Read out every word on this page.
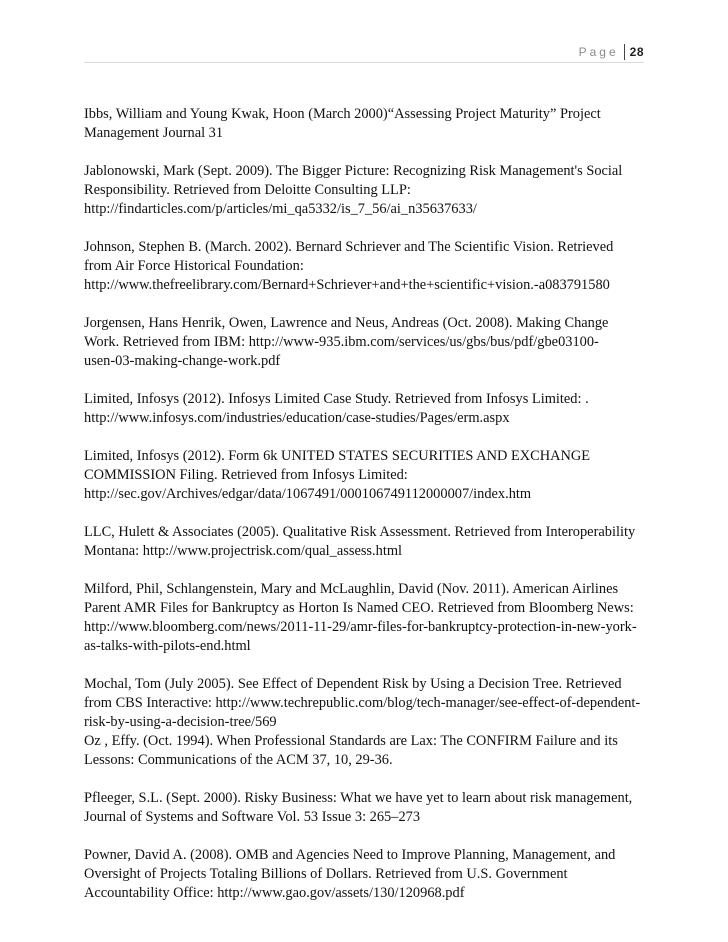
Page 28
Ibbs, William and Young Kwak, Hoon (March 2000)“Assessing Project Maturity” Project
Management Journal 31
Jablonowski, Mark (Sept. 2009). The Bigger Picture: Recognizing Risk Management's Social
Responsibility. Retrieved from Deloitte Consulting LLP:
http://findarticles.com/p/articles/mi_qa5332/is_7_56/ai_n35637633/
Johnson, Stephen B. (March. 2002). Bernard Schriever and The Scientific Vision. Retrieved
from Air Force Historical Foundation:
http://www.thefreelibrary.com/Bernard+Schriever+and+the+scientific+vision.-a083791580
Jorgensen, Hans Henrik, Owen, Lawrence and Neus, Andreas (Oct. 2008). Making Change
Work. Retrieved from IBM: http://www-935.ibm.com/services/us/gbs/bus/pdf/gbe03100-
usen-03-making-change-work.pdf
Limited, Infosys (2012). Infosys Limited Case Study. Retrieved from Infosys Limited: .
http://www.infosys.com/industries/education/case-studies/Pages/erm.aspx
Limited, Infosys (2012). Form 6k UNITED STATES SECURITIES AND EXCHANGE
COMMISSION Filing. Retrieved from Infosys Limited:
http://sec.gov/Archives/edgar/data/1067491/000106749112000007/index.htm
LLC, Hulett & Associates (2005). Qualitative Risk Assessment. Retrieved from Interoperability
Montana: http://www.projectrisk.com/qual_assess.html
Milford, Phil, Schlangenstein, Mary and McLaughlin, David (Nov. 2011). American Airlines
Parent AMR Files for Bankruptcy as Horton Is Named CEO. Retrieved from Bloomberg News:
http://www.bloomberg.com/news/2011-11-29/amr-files-for-bankruptcy-protection-in-new-york-
as-talks-with-pilots-end.html
Mochal, Tom (July 2005). See Effect of Dependent Risk by Using a Decision Tree. Retrieved
from CBS Interactive: http://www.techrepublic.com/blog/tech-manager/see-effect-of-dependent-
risk-by-using-a-decision-tree/569
Oz , Effy. (Oct. 1994). When Professional Standards are Lax: The CONFIRM Failure and its
Lessons: Communications of the ACM 37, 10, 29-36.
Pfleeger, S.L. (Sept. 2000). Risky Business: What we have yet to learn about risk management,
Journal of Systems and Software Vol. 53 Issue 3: 265–273
Powner, David A. (2008). OMB and Agencies Need to Improve Planning, Management, and
Oversight of Projects Totaling Billions of Dollars. Retrieved from U.S. Government
Accountability Office: http://www.gao.gov/assets/130/120968.pdf
